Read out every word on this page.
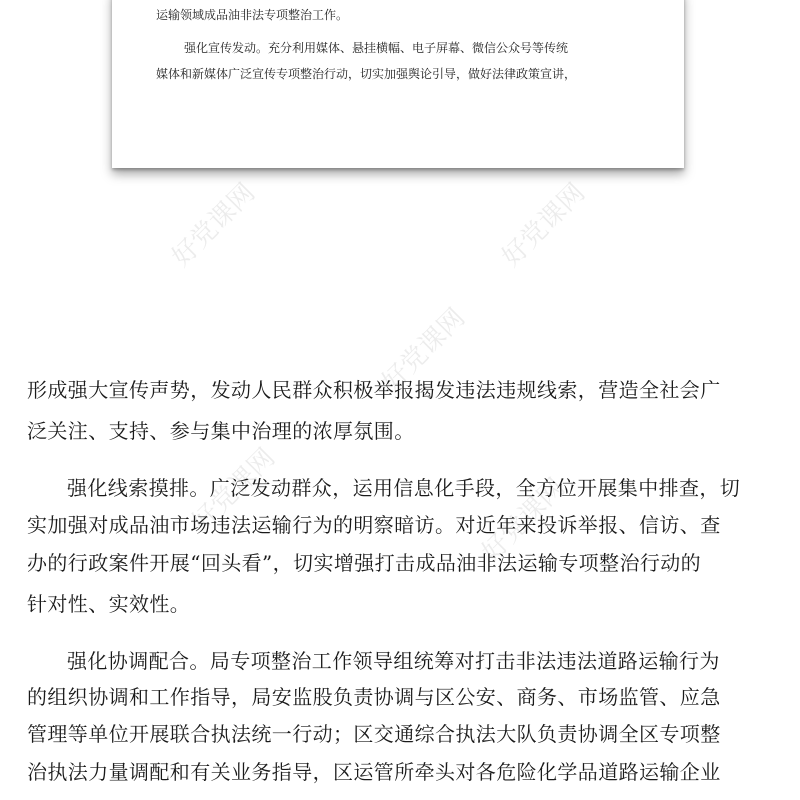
运输领域成品油非法专项整治工作。

强化宣传发动。充分利用媒体、悬挂横幅、电子屏幕、微信公众号等传统

媒体和新媒体广泛宣传专项整治行动，切实加强舆论引导，做好法律政策宣讲，

好党课网	好党课网
好党课网
好党课网	好党课网

形成强大宣传声势，发动人民群众积极举报揭发违法违规线索，营造全社会广

泛关注、支持、参与集中治理的浓厚氛围。

强化线索摸排。广泛发动群众，运用信息化手段，全方位开展集中排查，切

实加强对成品油市场违法运输行为的明察暗访。对近年来投诉举报、信访、查

办的行政案件开展“回头看”，切实增强打击成品油非法运输专项整治行动的

针对性、实效性。

强化协调配合。局专项整治工作领导组统筹对打击非法违法道路运输行为

的组织协调和工作指导，局安监股负责协调与区公安、商务、市场监管、应急

管理等单位开展联合执法统一行动；区交通综合执法大队负责协调全区专项整

治执法力量调配和有关业务指导，区运管所牵头对各危险化学品道路运输企业
